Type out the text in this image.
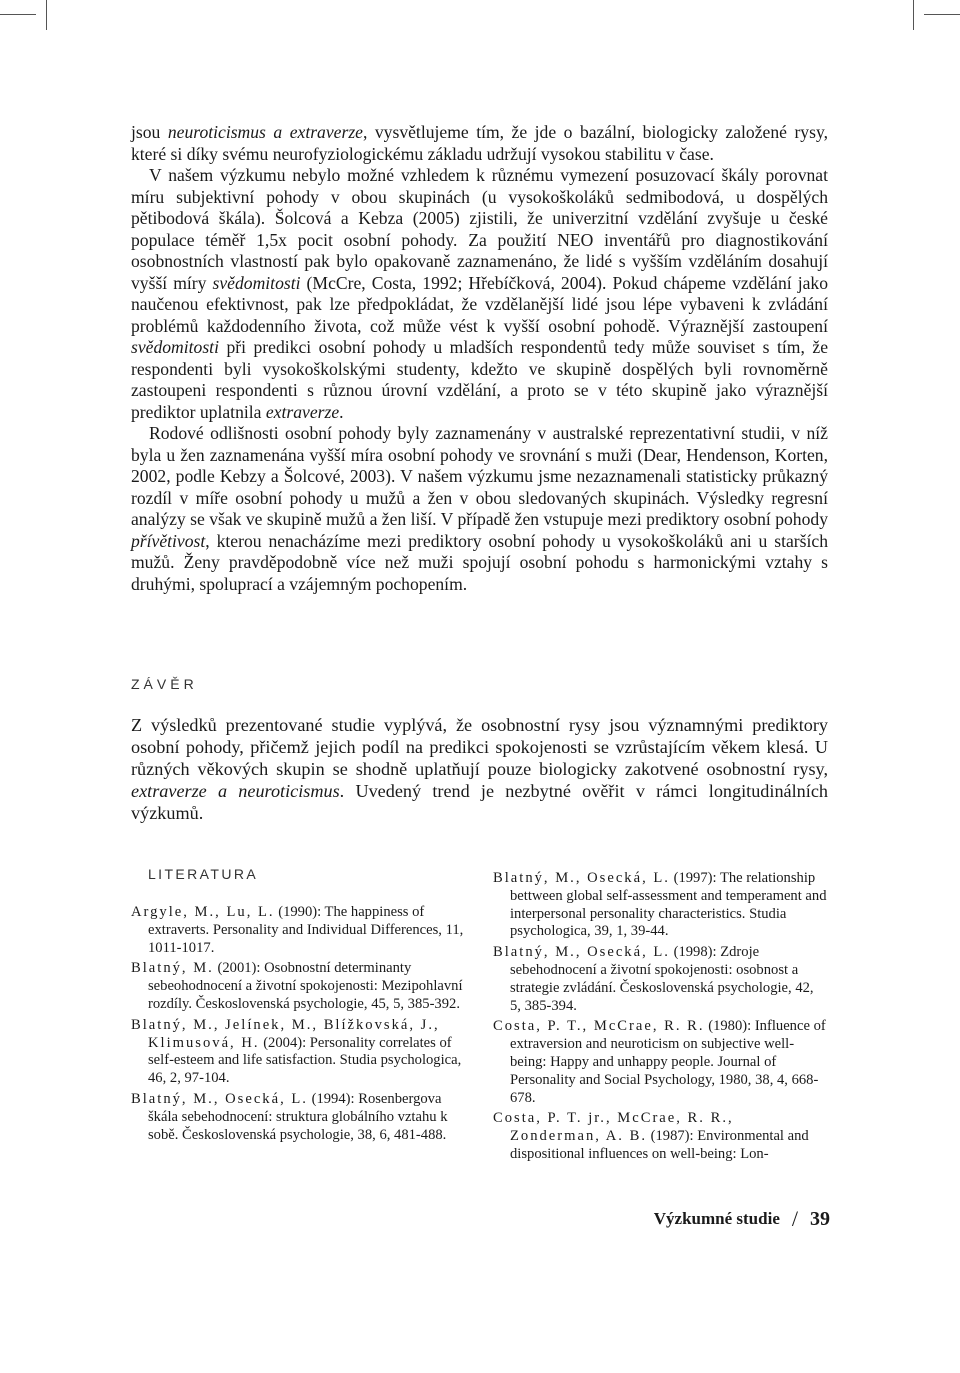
jsou neuroticismus a extraverze, vysvětlujeme tím, že jde o bazální, biologicky založené rysy, které si díky svému neurofyziologickému základu udržují vysokou stabilitu v čase.

V našem výzkumu nebylo možné vzhledem k různému vymezení posuzovací škály porovnat míru subjektivní pohody v obou skupinách (u vysokoškoláků sedmibodová, u dospělých pětibodová škála). Šolcová a Kebza (2005) zjistili, že univerzitní vzdělání zvyšuje u české populace téměř 1,5x pocit osobní pohody. Za použití NEO inventářů pro diagnostikování osobnostních vlastností pak bylo opakovaně zaznamenáno, že lidé s vyšším vzděláním dosahují vyšší míry svědomitosti (McCre, Costa, 1992; Hřebíčková, 2004). Pokud chápeme vzdělání jako naučenou efektivnost, pak lze předpokládat, že vzdělanější lidé jsou lépe vybaveni k zvládání problémů každodenního života, což může vést k vyšší osobní pohodě. Výraznější zastoupení svědomitosti při predikci osobní pohody u mladších respondentů tedy může souviset s tím, že respondenti byli vysokoškolskými studenty, kdežto ve skupině dospělých byli rovnoměrně zastoupeni respondenti s různou úrovní vzdělání, a proto se v této skupině jako výraznější prediktor uplatnila extraverze.

Rodové odlišnosti osobní pohody byly zaznamenány v australské reprezentativní studii, v níž byla u žen zaznamenána vyšší míra osobní pohody ve srovnání s muži (Dear, Hendenson, Korten, 2002, podle Kebzy a Šolcové, 2003). V našem výzkumu jsme nezaznamenali statisticky průkazný rozdíl v míře osobní pohody u mužů a žen v obou sledovaných skupinách. Výsledky regresní analýzy se však ve skupině mužů a žen liší. V případě žen vstupuje mezi prediktory osobní pohody přívětivost, kterou nenacházíme mezi prediktory osobní pohody u vysokoškoláků ani u starších mužů. Ženy pravděpodobně více než muži spojují osobní pohodu s harmonickými vztahy s druhými, spoluprací a vzájemným pochopením.

ZÁVĚR

Z výsledků prezentované studie vyplývá, že osobnostní rysy jsou významnými prediktory osobní pohody, přičemž jejich podíl na predikci spokojenosti se vzrůstajícím věkem klesá. U různých věkových skupin se shodně uplatňují pouze biologicky zakotvené osobnostní rysy, extraverze a neuroticismus. Uvedený trend je nezbytné ověřit v rámci longitudinálních výzkumů.

LITERATURA

Argyle, M., Lu, L. (1990): The happiness of extraverts. Personality and Individual Differences, 11, 1011-1017.

Blatný, M. (2001): Osobnostní determinanty sebeohodnocení a životní spokojenosti: Mezipohlavní rozdíly. Československá psychologie, 45, 5, 385-392.

Blatný, M., Jelínek, M., Blížkovská, J., Klimusová, H. (2004): Personality correlates of self-esteem and life satisfaction. Studia psychologica, 46, 2, 97-104.

Blatný, M., Osecká, L. (1994): Rosenbergova škála sebehodnocení: struktura globálního vztahu k sobě. Československá psychologie, 38, 6, 481-488.

Blatný, M., Osecká, L. (1997): The relationship bettween global self-assessment and temperament and interpersonal personality characteristics. Studia psychologica, 39, 1, 39-44.

Blatný, M., Osecká, L. (1998): Zdroje sebehodnocení a životní spokojenosti: osobnost a strategie zvládání. Československá psychologie, 42, 5, 385-394.

Costa, P. T., McCrae, R. R. (1980): Influence of extraversion and neuroticism on subjective well-being: Happy and unhappy people. Journal of Personality and Social Psychology, 1980, 38, 4, 668-678.

Costa, P. T. jr., McCrae, R. R., Zonderman, A. B. (1987): Environmental and dispositional influences on well-being: Lon-

Výzkumné studie / 39
